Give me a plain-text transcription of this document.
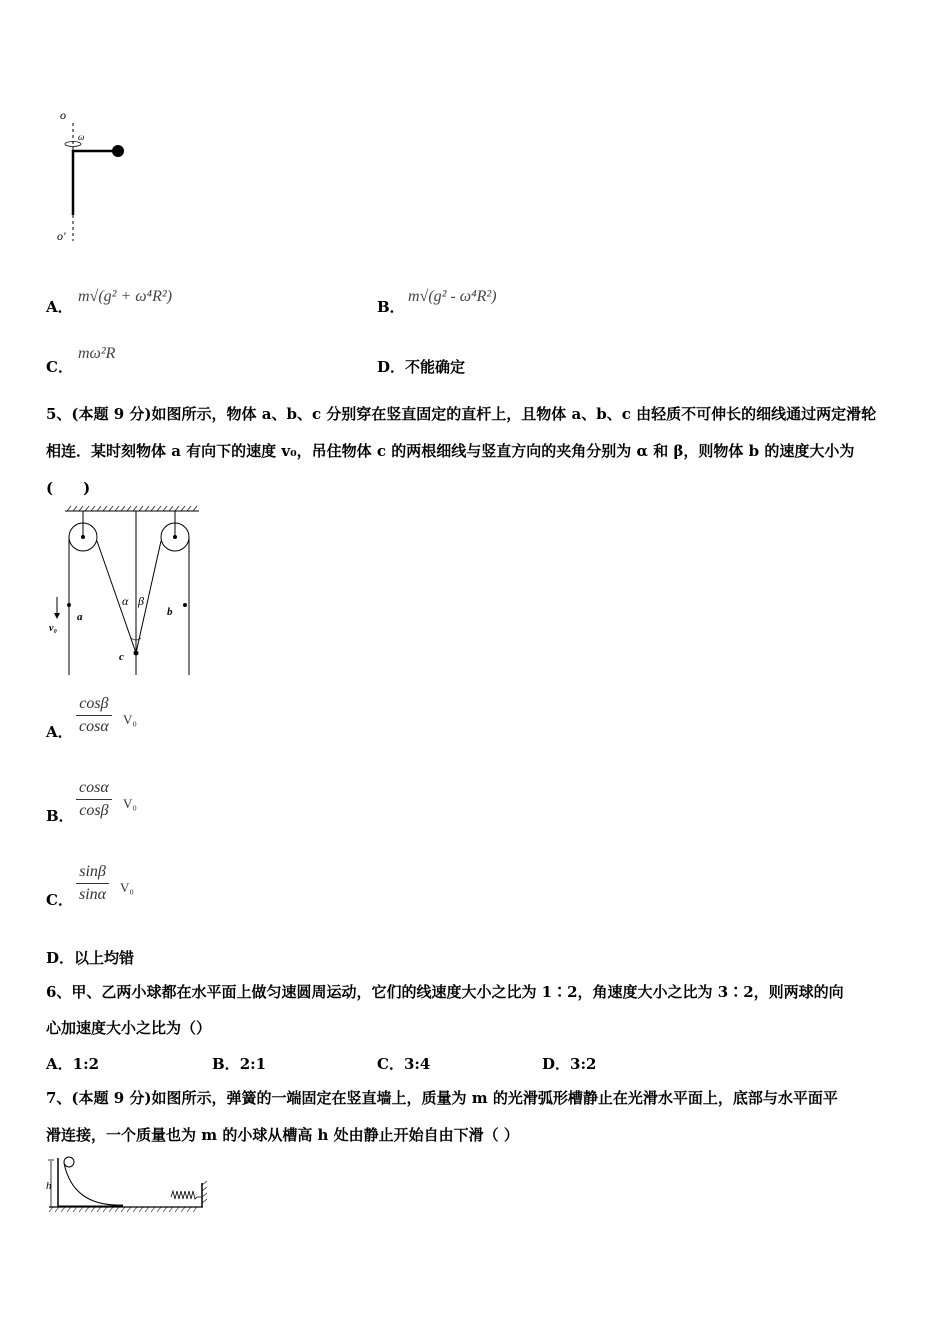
o
ω
o'
A．
m√(g² + ω⁴R²)
B．
m√(g² - ω⁴R²)
C．
mω²R
D．不能确定
5、(本题 9 分)如图所示，物体 a、b、c 分别穿在竖直固定的直杆上，且物体 a、b、c 由轻质不可伸长的细线通过两定滑轮
相连．某时刻物体 a 有向下的速度 v₀，吊住物体 c 的两根细线与竖直方向的夹角分别为 α 和 β，则物体 b 的速度大小为
(　　)
v₀
a	b
c
α β
A．
cosβ
cosα V₀
B．
cosα
cosβ V₀
C．
sinβ
sinα V₀
D．以上均错
6、甲、乙两小球都在水平面上做匀速圆周运动，它们的线速度大小之比为 1∶2，角速度大小之比为 3∶2，则两球的向
心加速度大小之比为（）
A．1:2	B．2:1	C．3:4	D．3:2
7、(本题 9 分)如图所示，弹簧的一端固定在竖直墙上，质量为 m 的光滑弧形槽静止在光滑水平面上，底部与水平面平
滑连接，一个质量也为 m 的小球从槽高 h 处由静止开始自由下滑（ ）
h
